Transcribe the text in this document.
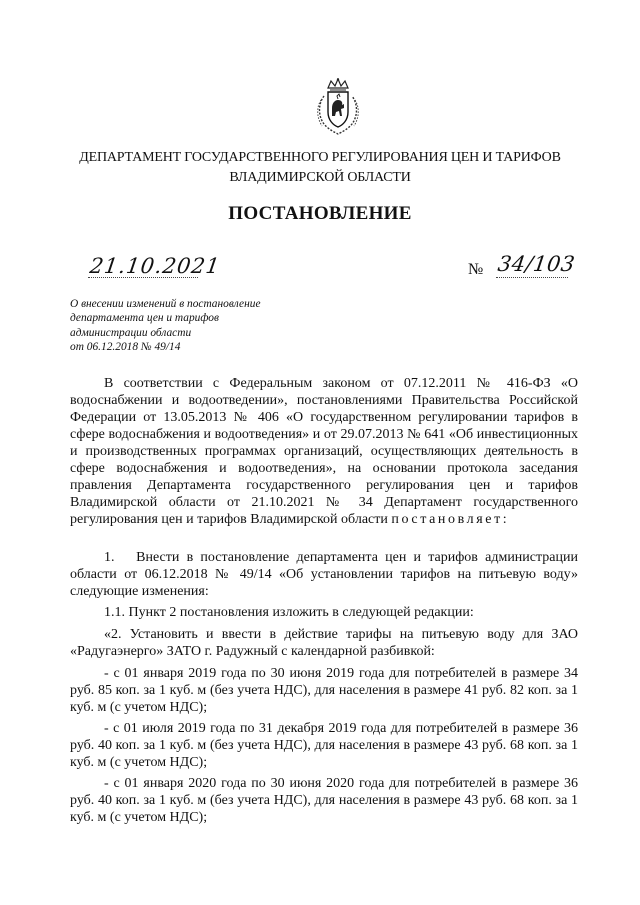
ДЕПАРТАМЕНТ ГОСУДАРСТВЕННОГО РЕГУЛИРОВАНИЯ ЦЕН И ТАРИФОВ
ВЛАДИМИРСКОЙ ОБЛАСТИ
ПОСТАНОВЛЕНИЕ
21.10.2021	№ 34/103
О внесении изменений в постановление
департамента цен и тарифов
администрации области
от 06.12.2018 № 49/14

В соответствии с Федеральным законом от 07.12.2011 № 416-ФЗ «О водоснабжении и водоотведении», постановлениями Правительства Российской Федерации от 13.05.2013 № 406 «О государственном регулировании тарифов в сфере водоснабжения и водоотведения» и от 29.07.2013 № 641 «Об инвестиционных и производственных программах организаций, осуществляющих деятельность в сфере водоснабжения и водоотведения», на основании протокола заседания правления Департамента государственного регулирования цен и тарифов Владимирской области от 21.10.2021 № 34 Департамент государственного регулирования цен и тарифов Владимирской области постановляет:

1.   Внести в постановление департамента цен и тарифов администрации области от 06.12.2018 № 49/14 «Об установлении тарифов на питьевую воду» следующие изменения:

1.1. Пункт 2 постановления изложить в следующей редакции:

«2. Установить и ввести в действие тарифы на питьевую воду для ЗАО «Радугаэнерго» ЗАТО г. Радужный с календарной разбивкой:

- с 01 января 2019 года по 30 июня 2019 года для потребителей в размере 34 руб. 85 коп. за 1 куб. м (без учета НДС), для населения в размере 41 руб. 82 коп. за 1 куб. м (с учетом НДС);

- с 01 июля 2019 года по 31 декабря 2019 года для потребителей в размере 36 руб. 40 коп. за 1 куб. м (без учета НДС), для населения в размере 43 руб. 68 коп. за 1 куб. м (с учетом НДС);

- с 01 января 2020 года по 30 июня 2020 года для потребителей в размере 36 руб. 40 коп. за 1 куб. м (без учета НДС), для населения в размере 43 руб. 68 коп. за 1 куб. м (с учетом НДС);
